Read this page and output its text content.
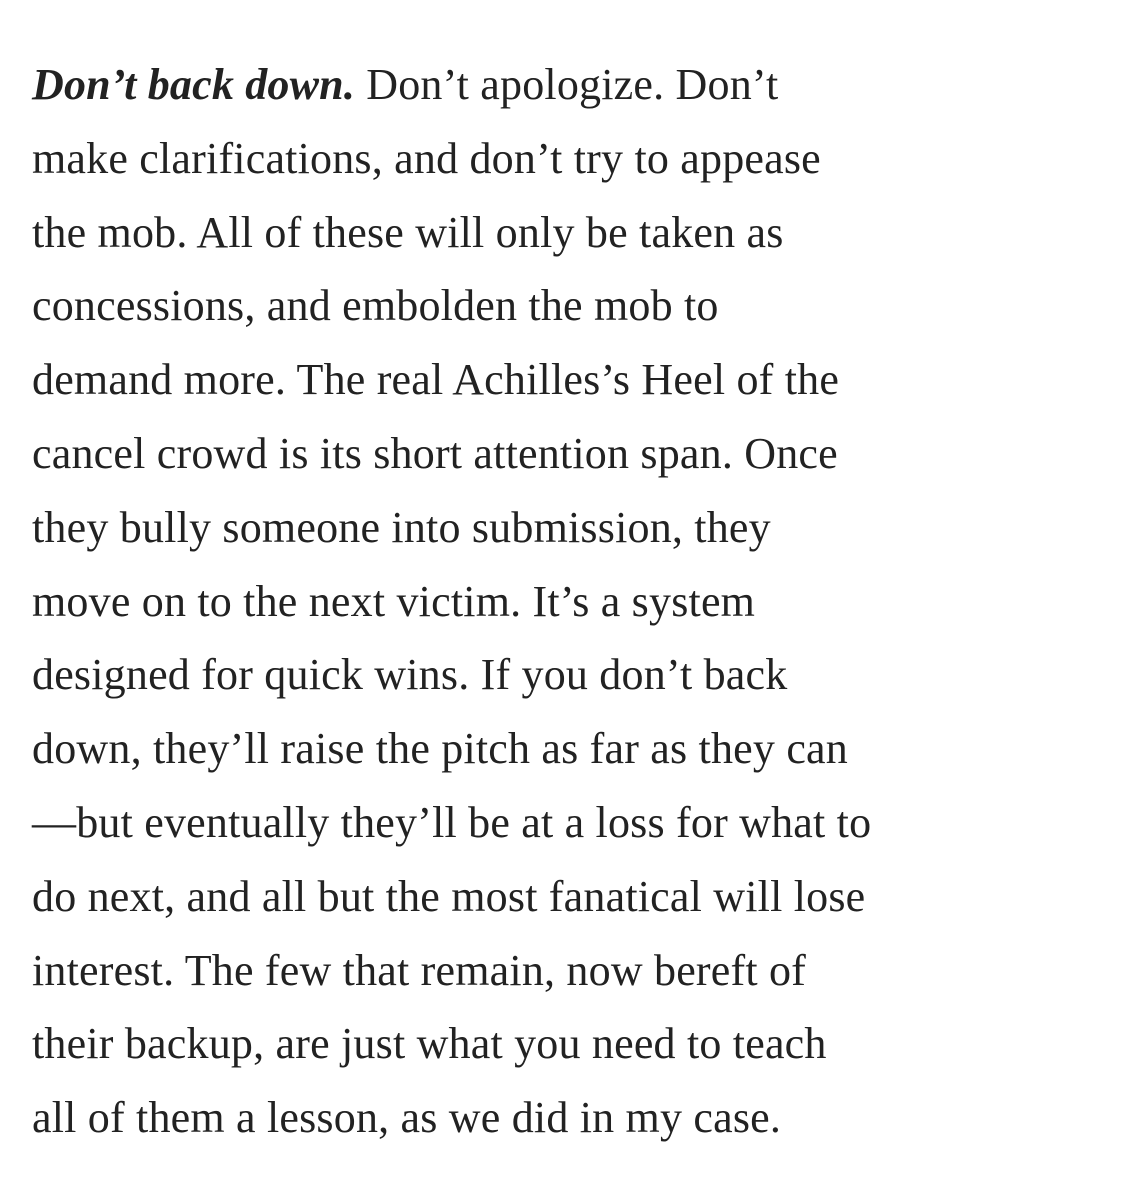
Don’t back down. Don’t apologize. Don’t
make clarifications, and don’t try to appease
the mob. All of these will only be taken as
concessions, and embolden the mob to
demand more. The real Achilles’s Heel of the
cancel crowd is its short attention span. Once
they bully someone into submission, they
move on to the next victim. It’s a system
designed for quick wins. If you don’t back
down, they’ll raise the pitch as far as they can
—but eventually they’ll be at a loss for what to
do next, and all but the most fanatical will lose
interest. The few that remain, now bereft of
their backup, are just what you need to teach
all of them a lesson, as we did in my case.
